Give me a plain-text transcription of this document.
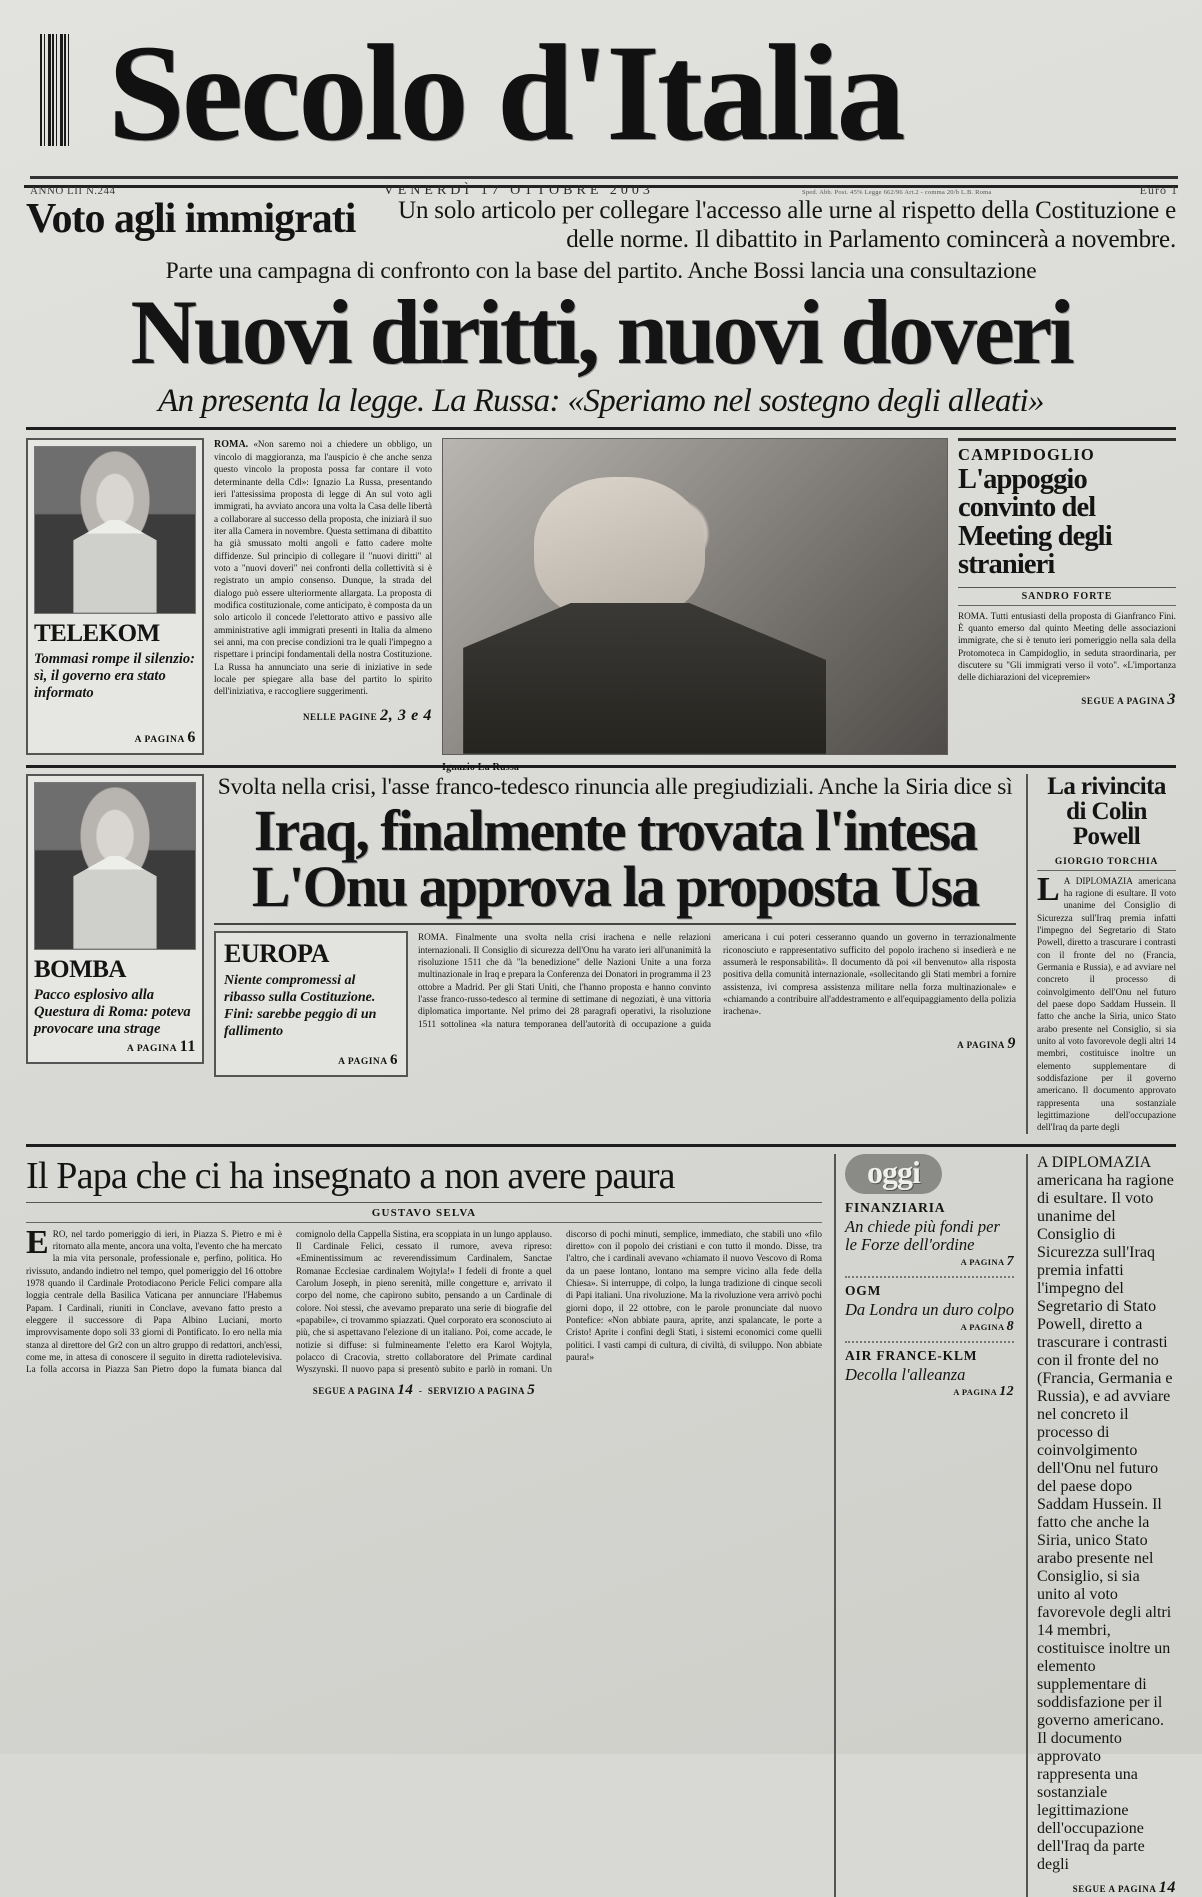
Secolo d'Italia
ANNO LII N.244	VENERDÌ 17 OTTOBRE 2003	Sped. Abb. Post. 45% Legge 662/96 Art.2 - comma 20/b L.B. Roma	Euro 1
Voto agli immigrati	Un solo articolo per collegare l'accesso alle urne al rispetto della Costituzione e delle norme. Il dibattito in Parlamento comincerà a novembre.
Parte una campagna di confronto con la base del partito. Anche Bossi lancia una consultazione
Nuovi diritti, nuovi doveri
An presenta la legge. La Russa: «Speriamo nel sostegno degli alleati»
TELEKOM
Tommasi rompe il silenzio: sì, il governo era stato informato
A PAGINA 6
ROMA. «Non saremo noi a chiedere un obbligo, un vincolo di maggioranza, ma l'auspicio è che anche senza questo vincolo la proposta possa far contare il voto determinante della Cdl»: Ignazio La Russa, presentando ieri l'attesissima proposta di legge di An sul voto agli immigrati, ha avviato ancora una volta la Casa delle libertà a collaborare al successo della proposta, che iniziarà il suo iter alla Camera in novembre. Questa settimana di dibattito ha già smussato molti angoli e fatto cadere molte diffidenze. Sul principio di collegare il "nuovi diritti" al voto a "nuovi doveri" nei confronti della collettività si è registrato un ampio consenso. Dunque, la strada del dialogo può essere ulteriormente allargata. La proposta di modifica costituzionale, come anticipato, è composta da un solo articolo il concede l'elettorato attivo e passivo alle amministrative agli immigrati presenti in Italia da almeno sei anni, ma con precise condizioni tra le quali l'impegno a rispettare i principi fondamentali della nostra Costituzione. La Russa ha annunciato una serie di iniziative in sede locale per spiegare alla base del partito lo spirito dell'iniziativa, e raccogliere suggerimenti.
NELLE PAGINE 2, 3 e 4
Ignazio La Russa
CAMPIDOGLIO
L'appoggio convinto del Meeting degli stranieri
SANDRO FORTE
ROMA. Tutti entusiasti della proposta di Gianfranco Fini. È quanto emerso dal quinto Meeting delle associazioni immigrate, che si è tenuto ieri pomeriggio nella sala della Protomoteca in Campidoglio, in seduta straordinaria, per discutere su "Gli immigrati verso il voto". «L'importanza delle dichiarazioni del vicepremier»
SEGUE A PAGINA 3
BOMBA
Pacco esplosivo alla Questura di Roma: poteva provocare una strage
A PAGINA 11
Svolta nella crisi, l'asse franco-tedesco rinuncia alle pregiudiziali. Anche la Siria dice sì
Iraq, finalmente trovata l'intesa
L'Onu approva la proposta Usa
EUROPA
Niente compromessi al ribasso sulla Costituzione. Fini: sarebbe peggio di un fallimento
A PAGINA 6
ROMA. Finalmente una svolta nella crisi irachena e nelle relazioni internazionali. Il Consiglio di sicurezza dell'Onu ha varato ieri all'unanimità la risoluzione 1511 che dà "la benedizione" delle Nazioni Unite a una forza multinazionale in Iraq e prepara la Conferenza dei Donatori in programma il 23 ottobre a Madrid. Per gli Stati Uniti, che l'hanno proposta e hanno convinto l'asse franco-russo-tedesco al termine di settimane di negoziati, è una vittoria diplomatica importante. Nel primo dei 28 paragrafi operativi, la risoluzione 1511 sottolinea «la natura temporanea dell'autorità di occupazione a guida americana i cui poteri cesseranno quando un governo in terrazionalmente riconosciuto e rappresentativo sufficito del popolo iracheno si insedierà e ne assumerà le responsabilità». Il documento dà poi «il benvenuto» alla risposta positiva della comunità internazionale, «sollecitando gli Stati membri a fornire assistenza, ivi compresa assistenza militare nella forza multinazionale» e «chiamando a contribuire all'addestramento e all'equipaggiamento della polizia irachena».
A PAGINA 9
La rivincita di Colin Powell
GIORGIO TORCHIA
L A DIPLOMAZIA americana ha ragione di esultare. Il voto unanime del Consiglio di Sicurezza sull'Iraq premia infatti l'impegno del Segretario di Stato Powell, diretto a trascurare i contrasti con il fronte del no (Francia, Germania e Russia), e ad avviare nel concreto il processo di coinvolgimento dell'Onu nel futuro del paese dopo Saddam Hussein. Il fatto che anche la Siria, unico Stato arabo presente nel Consiglio, si sia unito al voto favorevole degli altri 14 membri, costituisce inoltre un elemento supplementare di soddisfazione per il governo americano. Il documento approvato rappresenta una sostanziale legittimazione dell'occupazione dell'Iraq da parte degli
Il Papa che ci ha insegnato a non avere paura
GUSTAVO SELVA
E RO, nel tardo pomeriggio di ieri, in Piazza S. Pietro e mi è ritornato alla mente, ancora una volta, l'evento che ha mercato la mia vita personale, professionale e, perfino, politica. Ho rivissuto, andando indietro nel tempo, quel pomeriggio del 16 ottobre 1978 quando il Cardinale Protodiacono Pericle Felici compare alla loggia centrale della Basilica Vaticana per annunciare l'Habemus Papam. I Cardinali, riuniti in Conclave, avevano fatto presto a eleggere il successore di Papa Albino Luciani, morto improvvisamente dopo soli 33 giorni di Pontificato. Io ero nella mia stanza al direttore del Gr2 con un altro gruppo di redattori, anch'essi, come me, in attesa di conoscere il seguito in diretta radiotelevisiva. La folla accorsa in Piazza San Pietro dopo la fumata bianca dal comignolo della Cappella Sistina, era scoppiata in un lungo applauso. Il Cardinale Felici, cessato il rumore, aveva ripreso: «Eminentissimum ac reverendissimum Cardinalem, Sanctae Romanae Ecclesiae cardinalem Wojtyla!» I fedeli di fronte a quel Carolum Joseph, in pieno serenità, mille congetture e, arrivato il corpo del nome, che capirono subito, pensando a un Cardinale di colore. Noi stessi, che avevamo preparato una serie di biografie del «papabile», ci trovammo spiazzati. Quel corporato era sconosciuto ai più, che si aspettavano l'elezione di un italiano. Poi, come accade, le notizie si diffuse: si fulmineamente l'eletto era Karol Wojtyla, polacco di Cracovia, stretto collaboratore del Primate cardinal Wyszynski. Il nuovo papa si presentò subito e parlò in romani. Un discorso di pochi minuti, semplice, immediato, che stabilì uno «filo diretto» con il popolo dei cristiani e con tutto il mondo. Disse, tra l'altro, che i cardinali avevano «chiamato il nuovo Vescovo di Roma da un paese lontano, lontano ma sempre vicino alla fede della Chiesa». Si interruppe, di colpo, la lunga tradizione di cinque secoli di Papi italiani. Una rivoluzione. Ma la rivoluzione vera arrivò pochi giorni dopo, il 22 ottobre, con le parole pronunciate dal nuovo Pontefice: «Non abbiate paura, aprite, anzi spalancate, le porte a Cristo! Aprite i confini degli Stati, i sistemi economici come quelli politici. I vasti campi di cultura, di civiltà, di sviluppo. Non abbiate paura!»
SEGUE A PAGINA 14  -  SERVIZIO A PAGINA 5
oggi
FINANZIARIA
An chiede più fondi per le Forze dell'ordine
A PAGINA 7
OGM
Da Londra un duro colpo
A PAGINA 8
AIR FRANCE-KLM
Decolla l'alleanza
A PAGINA 12
A DIPLOMAZIA americana ha ragione di esultare. Il voto unanime del Consiglio di Sicurezza sull'Iraq premia infatti l'impegno del Segretario di Stato Powell, diretto a trascurare i contrasti con il fronte del no (Francia, Germania e Russia), e ad avviare nel concreto il processo di coinvolgimento dell'Onu nel futuro del paese dopo Saddam Hussein. Il fatto che anche la Siria, unico Stato arabo presente nel Consiglio, si sia unito al voto favorevole degli altri 14 membri, costituisce inoltre un elemento supplementare di soddisfazione per il governo americano. Il documento approvato rappresenta una sostanziale legittimazione dell'occupazione dell'Iraq da parte degli
SEGUE A PAGINA 14
